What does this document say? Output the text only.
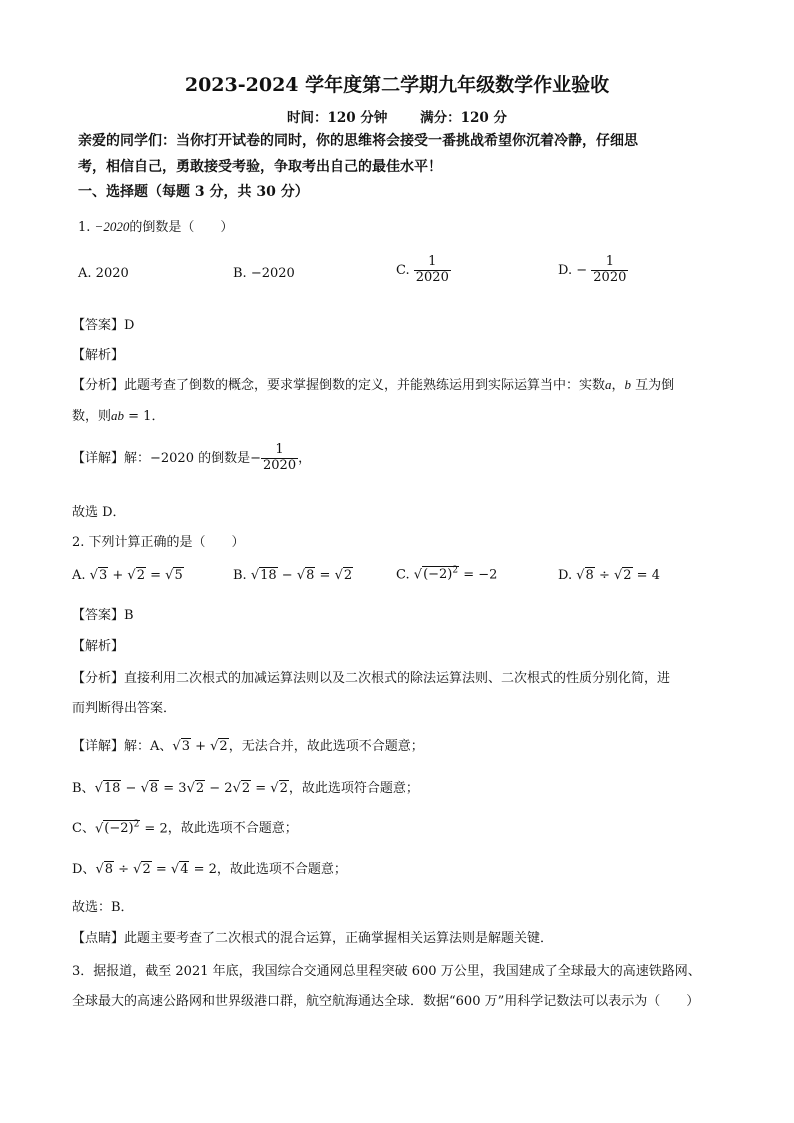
2023-2024 学年度第二学期九年级数学作业验收
时间：120 分钟 满分：120 分
亲爱的同学们：当你打开试卷的同时，你的思维将会接受一番挑战希望你沉着冷静，仔细思
考，相信自己，勇敢接受考验，争取考出自己的最佳水平！
一、选择题（每题 3 分，共 30 分）
1. −2020的倒数是（　　）
A. 2020	B. −2020	C. $\frac{1}{2020}$	D. − $\frac{1}{2020}$
【答案】D
【解析】
【分析】此题考查了倒数的概念，要求掌握倒数的定义，并能熟练运用到实际运算当中：实数a，b 互为倒
数，则ab = 1．
【详解】解：−2020 的倒数是− $\frac{1}{2020}$ ，
故选 D．
2. 下列计算正确的是（　　）
A. √3 + √2 = √5	B. √18 − √8 = √2	C. $√(-2)^2 = -2$	D. √8 ÷ √2 = 4
【答案】B
【解析】
【分析】直接利用二次根式的加减运算法则以及二次根式的除法运算法则、二次根式的性质分别化简，进
而判断得出答案．
【详解】解：A、√3 + √2，无法合并，故此选项不合题意；
B、√18 − √8 = 3√2 − 2√2 = √2，故此选项符合题意；
C、$√(-2)^2 = 2$，故此选项不合题意；
D、√8 ÷ √2 = √4 = 2，故此选项不合题意；
故选：B．
【点睛】此题主要考查了二次根式的混合运算，正确掌握相关运算法则是解题关键．
3．据报道，截至 2021 年底，我国综合交通网总里程突破 600 万公里，我国建成了全球最大的高速铁路网、
全球最大的高速公路网和世界级港口群，航空航海通达全球．数据“600 万”用科学记数法可以表示为（　　）
